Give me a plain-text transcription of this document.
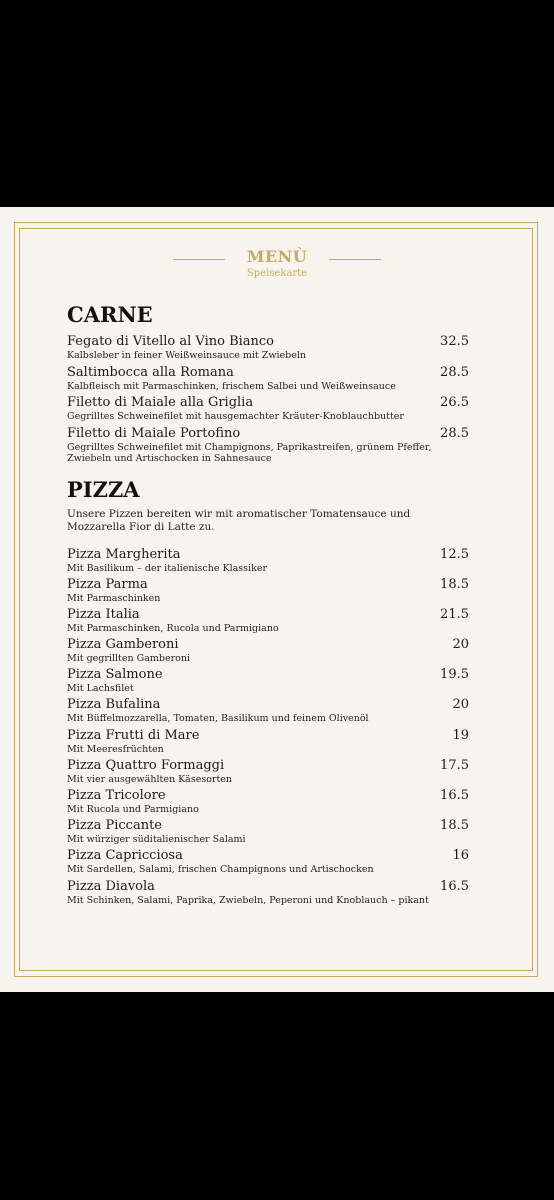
MENÙ
Speisekarte
CARNE
Fegato di Vitello al Vino Bianco	32.5
Kalbsleber in feiner Weißweinsauce mit Zwiebeln
Saltimbocca alla Romana	28.5
Kalbfleisch mit Parmaschinken, frischem Salbei und Weißweinsauce
Filetto di Maiale alla Griglia	26.5
Gegrilltes Schweinefilet mit hausgemachter Kräuter-Knoblauchbutter
Filetto di Maiale Portofino	28.5
Gegrilltes Schweinefilet mit Champignons, Paprikastreifen, grünem Pfeffer, Zwiebeln und Artischocken in Sahnesauce
PIZZA
Unsere Pizzen bereiten wir mit aromatischer Tomatensauce und Mozzarella Fior di Latte zu.
Pizza Margherita	12.5
Mit Basilikum – der italienische Klassiker
Pizza Parma	18.5
Mit Parmaschinken
Pizza Italia	21.5
Mit Parmaschinken, Rucola und Parmigiano
Pizza Gamberoni	20
Mit gegrillten Gamberoni
Pizza Salmone	19.5
Mit Lachsfilet
Pizza Bufalina	20
Mit Büffelmozzarella, Tomaten, Basilikum und feinem Olivenöl
Pizza Frutti di Mare	19
Mit Meeresfrüchten
Pizza Quattro Formaggi	17.5
Mit vier ausgewählten Käsesorten
Pizza Tricolore	16.5
Mit Rucola und Parmigiano
Pizza Piccante	18.5
Mit würziger süditalienischer Salami
Pizza Capricciosa	16
Mit Sardellen, Salami, frischen Champignons und Artischocken
Pizza Diavola	16.5
Mit Schinken, Salami, Paprika, Zwiebeln, Peperoni und Knoblauch – pikant
